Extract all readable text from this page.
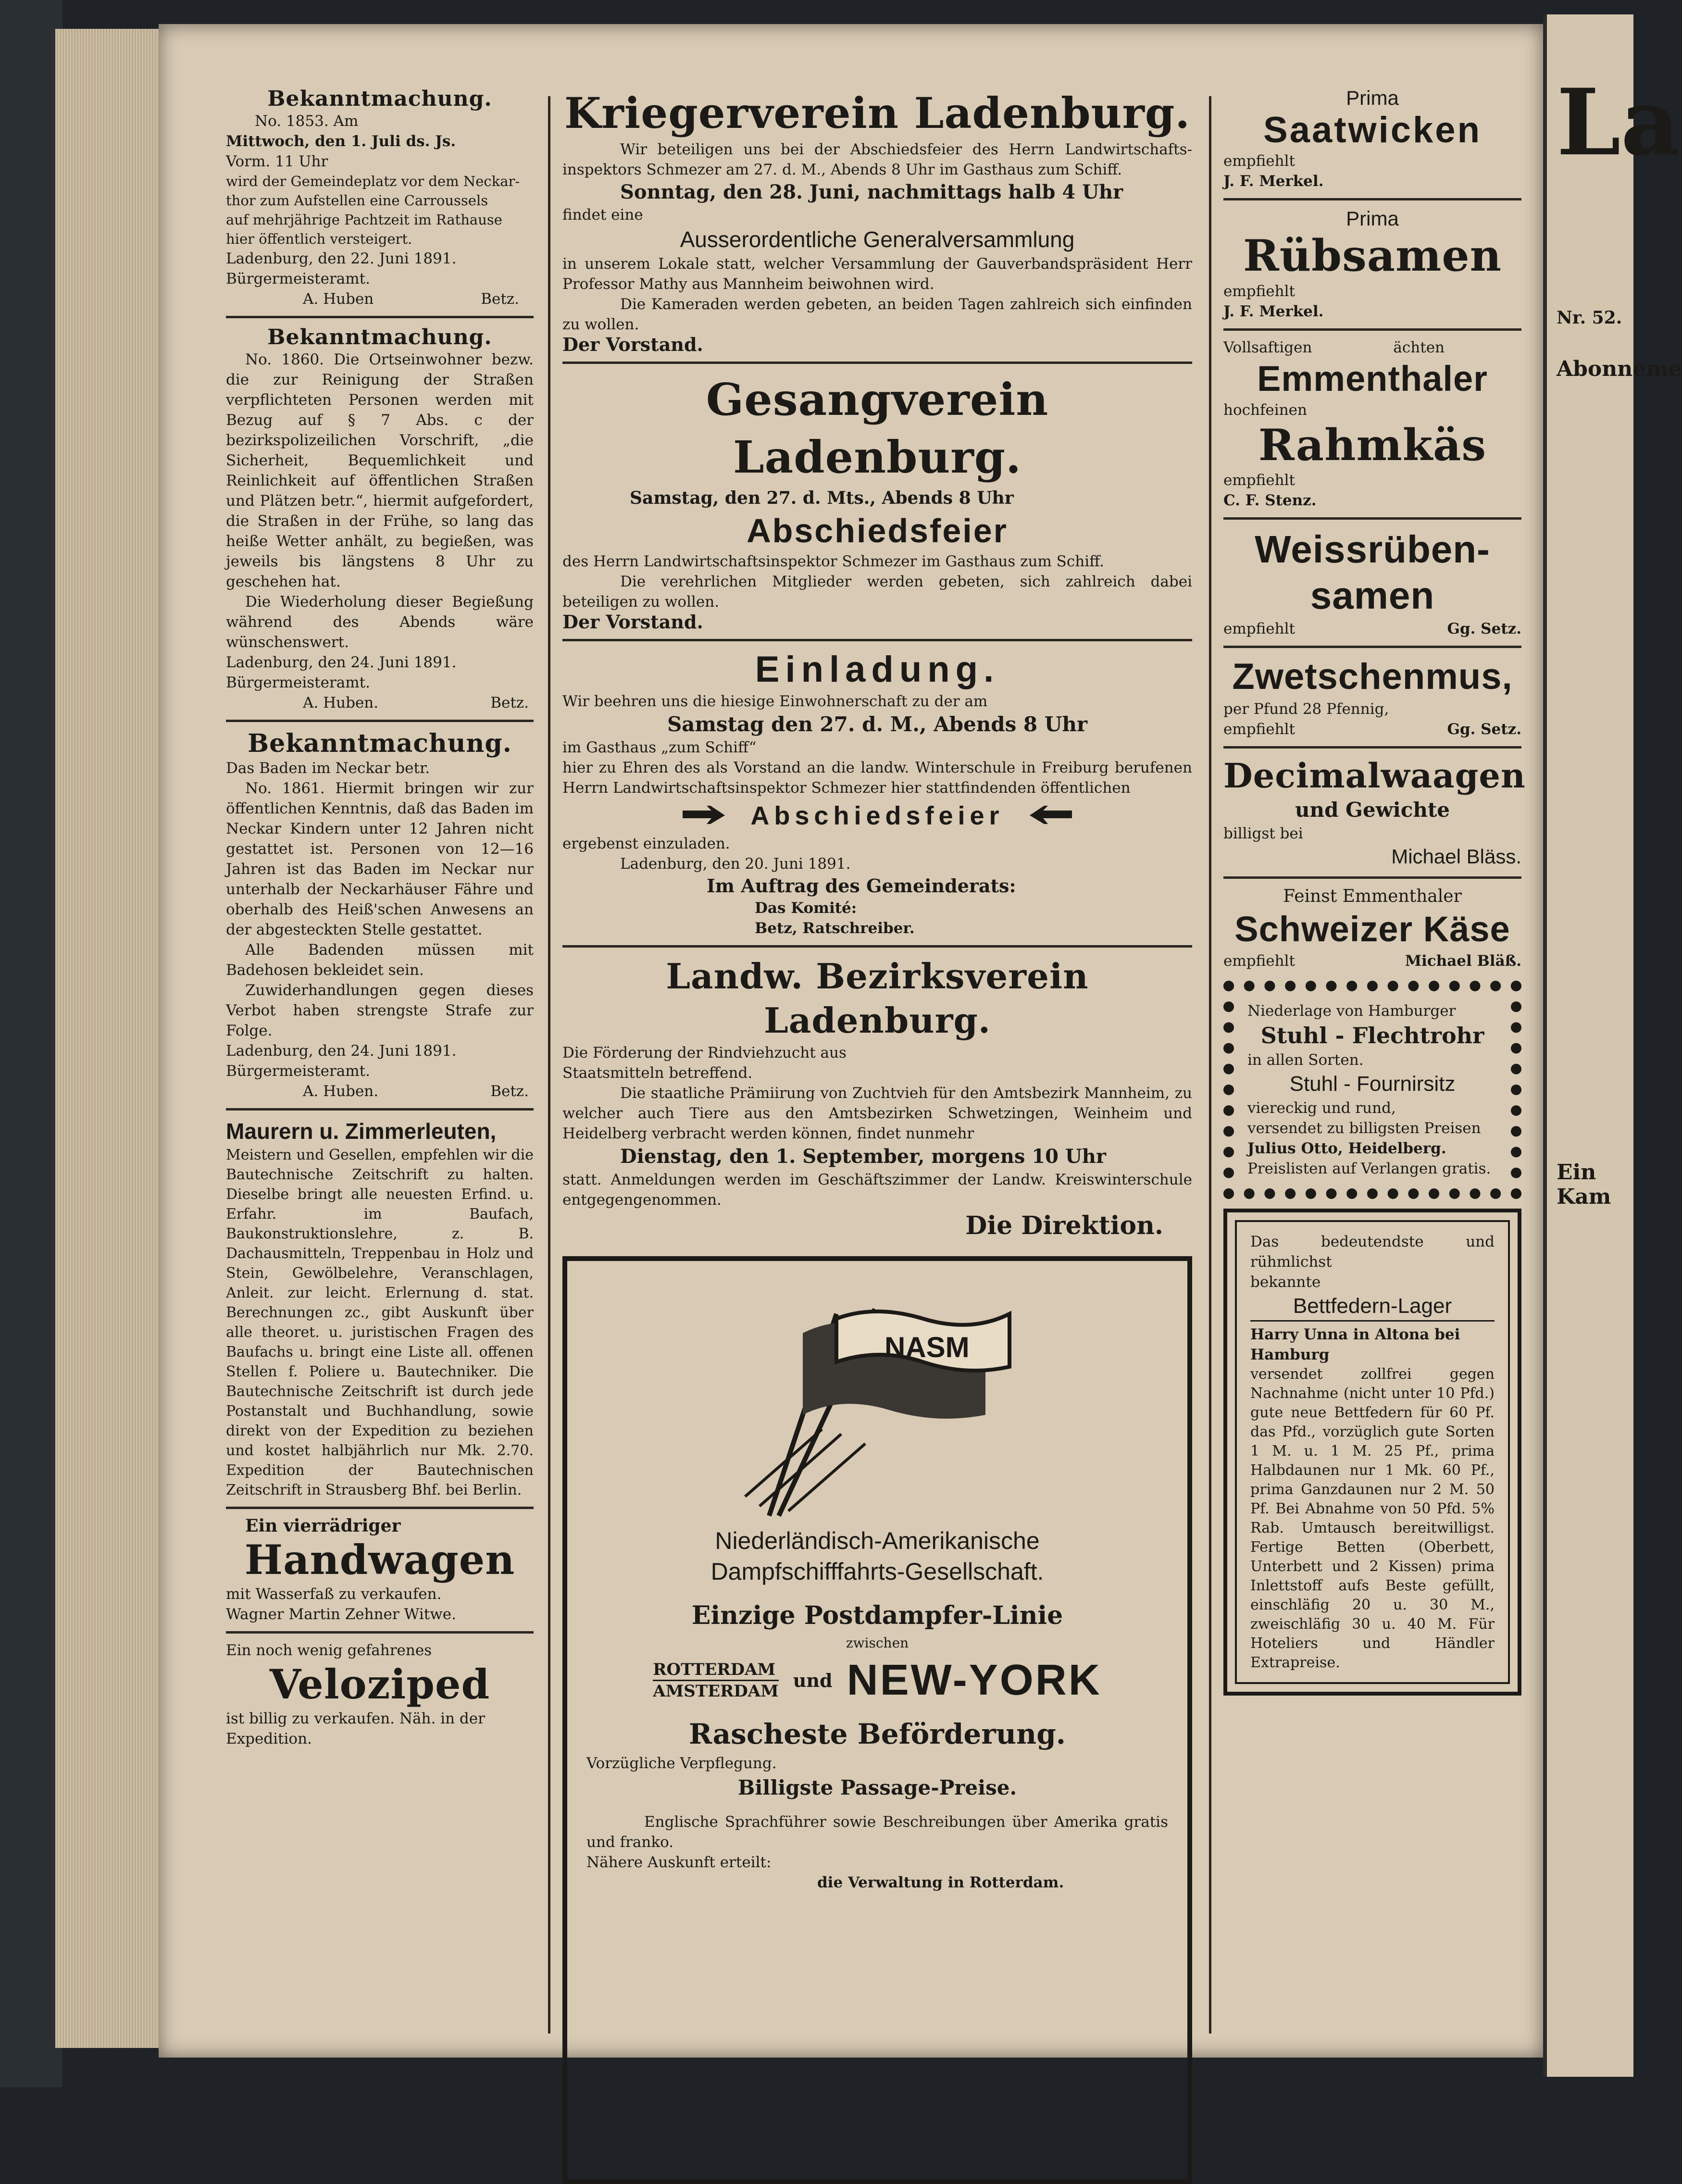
Bekanntmachung.
No. 1853. Am
Mittwoch, den 1. Juli ds. Js.
Vorm. 11 Uhr
wird der Gemeindeplatz vor dem Neckar-
thor zum Aufstellen eine Carroussels
auf mehrjährige Pachtzeit im Rathause
hier öffentlich versteigert.
Ladenburg, den 22. Juni 1891.
Bürgermeisteramt.
A. Huben	Betz.
Bekanntmachung.
No. 1860. Die Ortseinwohner bezw. die zur Reinigung der Straßen verpflichteten Personen werden mit Bezug auf § 7 Abs. c der bezirkspolizeilichen Vorschrift, „die Sicherheit, Bequemlichkeit und Reinlichkeit auf öffentlichen Straßen und Plätzen betr.“, hiermit aufgefordert, die Straßen in der Frühe, so lang das heiße Wetter anhält, zu begießen, was jeweils bis längstens 8 Uhr zu geschehen hat.
Die Wiederholung dieser Begießung während des Abends wäre wünschenswert.
Ladenburg, den 24. Juni 1891.
Bürgermeisteramt.
A. Huben.	Betz.
Bekanntmachung.
Das Baden im Neckar betr.
No. 1861. Hiermit bringen wir zur öffentlichen Kenntnis, daß das Baden im Neckar Kindern unter 12 Jahren nicht gestattet ist. Personen von 12—16 Jahren ist das Baden im Neckar nur unterhalb der Neckarhäuser Fähre und oberhalb des Heiß'schen Anwesens an der abgesteckten Stelle gestattet.
Alle Badenden müssen mit Badehosen bekleidet sein.
Zuwiderhandlungen gegen dieses Verbot haben strengste Strafe zur Folge.
Ladenburg, den 24. Juni 1891.
Bürgermeisteramt.
A. Huben.	Betz.
Maurern u. Zimmerleuten,
Meistern und Gesellen, empfehlen wir die Bautechnische Zeitschrift zu halten. Dieselbe bringt alle neuesten Erfind. u. Erfahr. im Baufach, Baukonstruktionslehre, z. B. Dachausmitteln, Treppenbau in Holz und Stein, Gewölbelehre, Veranschlagen, Anleit. zur leicht. Erlernung d. stat. Berechnungen zc., gibt Auskunft über alle theoret. u. juristischen Fragen des Baufachs u. bringt eine Liste all. offenen Stellen f. Poliere u. Bautechniker. Die Bautechnische Zeitschrift ist durch jede Postanstalt und Buchhandlung, sowie direkt von der Expedition zu beziehen und kostet halbjährlich nur Mk. 2.70. Expedition der Bautechnischen Zeitschrift in Strausberg Bhf. bei Berlin.
Ein vierrädriger
Handwagen
mit Wasserfaß zu verkaufen.
Wagner Martin Zehner Witwe.
Ein noch wenig gefahrenes
Veloziped
ist billig zu verkaufen. Näh. in der
Expedition.
Kriegerverein Ladenburg.
Wir beteiligen uns bei der Abschiedsfeier des Herrn Landwirtschafts-inspektors Schmezer am 27. d. M., Abends 8 Uhr im Gasthaus zum Schiff.
Sonntag, den 28. Juni, nachmittags halb 4 Uhr
findet eine
Ausserordentliche Generalversammlung
in unserem Lokale statt, welcher Versammlung der Gauverbandspräsident Herr Professor Mathy aus Mannheim beiwohnen wird.
Die Kameraden werden gebeten, an beiden Tagen zahlreich sich einfinden zu wollen.
Der Vorstand.
Gesangverein Ladenburg.
Samstag, den 27. d. Mts., Abends 8 Uhr
Abschiedsfeier
des Herrn Landwirtschaftsinspektor Schmezer im Gasthaus zum Schiff.
Die verehrlichen Mitglieder werden gebeten, sich zahlreich dabei beteiligen zu wollen.
Der Vorstand.
Einladung.
Wir beehren uns die hiesige Einwohnerschaft zu der am
Samstag den 27. d. M., Abends 8 Uhr
im Gasthaus „zum Schiff“
hier zu Ehren des als Vorstand an die landw. Winterschule in Freiburg berufenen Herrn Landwirtschaftsinspektor Schmezer hier stattfindenden öffentlichen
Abschiedsfeier
ergebenst einzuladen.
Ladenburg, den 20. Juni 1891.
Im Auftrag des Gemeinderats:
Das Komité:
Betz, Ratschreiber.
Landw. Bezirksverein Ladenburg.
Die Förderung der Rindviehzucht aus
Staatsmitteln betreffend.
Die staatliche Prämiirung von Zuchtvieh für den Amtsbezirk Mannheim, zu welcher auch Tiere aus den Amtsbezirken Schwetzingen, Weinheim und Heidelberg verbracht werden können, findet nunmehr
Dienstag, den 1. September, morgens 10 Uhr
statt. Anmeldungen werden im Geschäftszimmer der Landw. Kreiswinterschule entgegengenommen.
Die Direktion.
NASM
Niederländisch-Amerikanische
Dampfschifffahrts-Gesellschaft.
Einzige Postdampfer-Linie
zwischen
ROTTERDAM
AMSTERDAM und NEW-YORK
Rascheste Beförderung.
Vorzügliche Verpflegung.
Billigste Passage-Preise.
Englische Sprachführer sowie Beschreibungen über Amerika gratis und franko.
Nähere Auskunft erteilt:
die Verwaltung in Rotterdam.
Prima
Saatwicken
empfiehlt
J. F. Merkel.
Prima
Rübsamen
empfiehlt
J. F. Merkel.
Vollsaftigen	ächten
Emmenthaler
hochfeinen
Rahmkäs
empfiehlt
C. F. Stenz.
Weissrüben-
samen
empfiehlt	Gg. Setz.
Zwetschenmus,
per Pfund 28 Pfennig,
empfiehlt	Gg. Setz.
Decimalwaagen
und Gewichte
billigst bei
Michael Bläss.
Feinst Emmenthaler
Schweizer Käse
empfiehlt	Michael Bläß.
Niederlage von Hamburger
Stuhl - Flechtrohr
in allen Sorten.
Stuhl - Fournirsitz
viereckig und rund,
versendet zu billigsten Preisen
Julius Otto, Heidelberg.
Preislisten auf Verlangen gratis.
Das bedeutendste und rühmlichst
bekannte
Bettfedern-Lager
Harry Unna in Altona bei
Hamburg
versendet zollfrei gegen Nachnahme (nicht unter 10 Pfd.) gute neue Bettfedern für 60 Pf. das Pfd., vorzüglich gute Sorten 1 M. u. 1 M. 25 Pf., prima Halbdaunen nur 1 Mk. 60 Pf., prima Ganzdaunen nur 2 M. 50 Pf. Bei Abnahme von 50 Pfd. 5% Rab. Umtausch bereitwilligst. Fertige Betten (Oberbett, Unterbett und 2 Kissen) prima Inlettstoff aufs Beste gefüllt, einschläfig 20 u. 30 M., zweischläfig 30 u. 40 M. Für Hoteliers und Händler Extrapreise.
La
Nr. 52.
Abonneme
Ein Kam
